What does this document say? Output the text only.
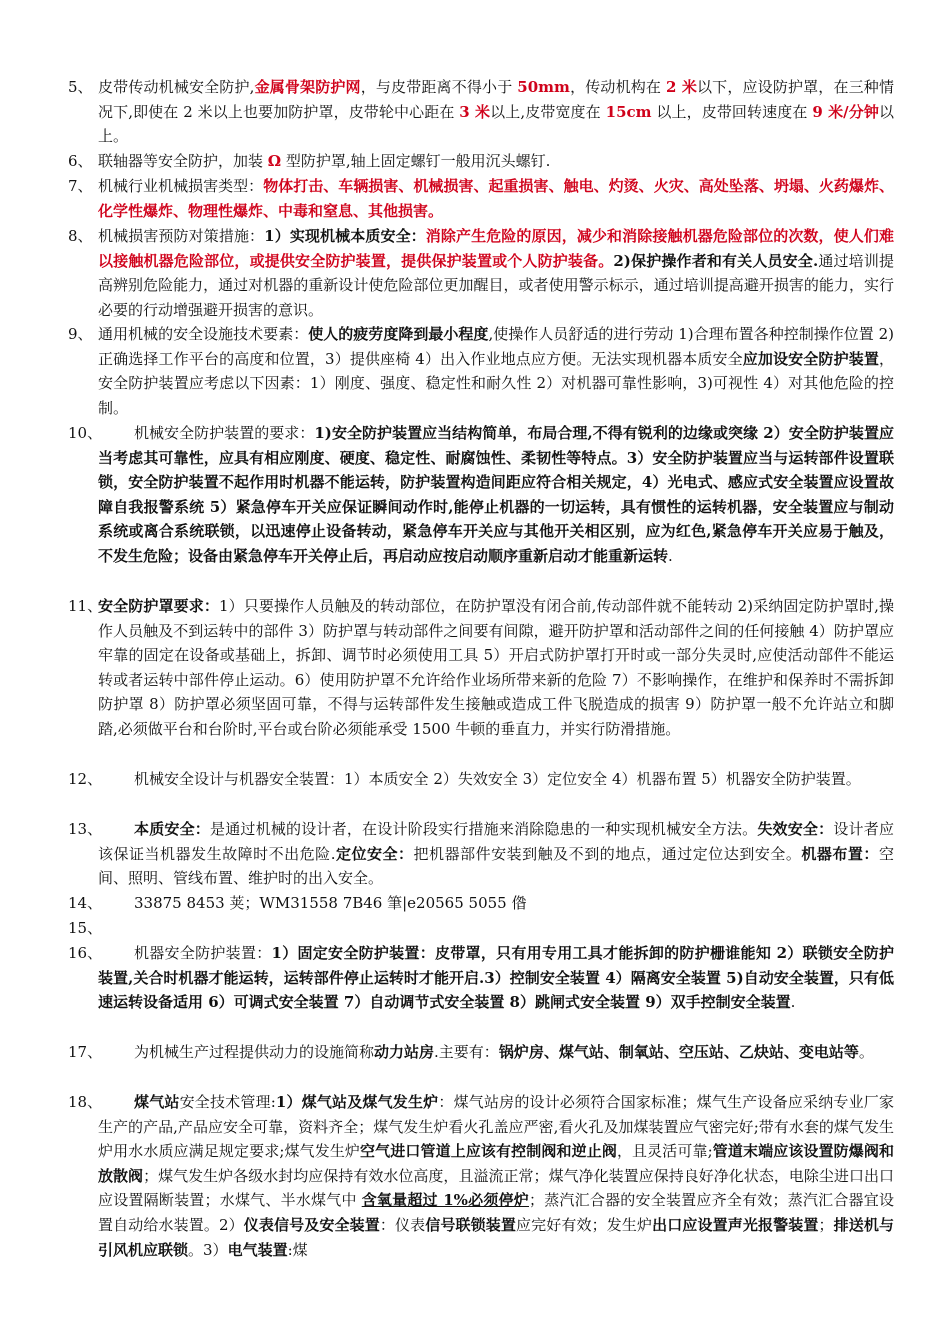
5、 皮带传动机械安全防护,金属骨架防护网，与皮带距离不得小于 50mm，传动机构在 2 米以下，应设防护罩，在三种情况下,即使在 2 米以上也要加防护罩，皮带轮中心距在 3 米以上,皮带宽度在 15cm 以上，皮带回转速度在 9 米/分钟以上。
6、 联轴器等安全防护，加装 Ω 型防护罩,轴上固定螺钉一般用沉头螺钉.
7、 机械行业机械损害类型：物体打击、车辆损害、机械损害、起重损害、触电、灼烫、火灾、高处坠落、坍塌、火药爆炸、化学性爆炸、物理性爆炸、中毒和窒息、其他损害。
8、 机械损害预防对策措施：1）实现机械本质安全：消除产生危险的原因，减少和消除接触机器危险部位的次数，使人们难以接触机器危险部位，或提供安全防护装置，提供保护装置或个人防护装备。2)保护操作者和有关人员安全.通过培训提高辨别危险能力，通过对机器的重新设计使危险部位更加醒目，或者使用警示标示，通过培训提高避开损害的能力，实行必要的行动增强避开损害的意识。
9、 通用机械的安全设施技术要素：使人的疲劳度降到最小程度,使操作人员舒适的进行劳动 1)合理布置各种控制操作位置 2)正确选择工作平台的高度和位置，3）提供座椅 4）出入作业地点应方便。无法实现机器本质安全应加设安全防护装置，安全防护装置应考虑以下因素：1）刚度、强度、稳定性和耐久性 2）对机器可靠性影响，3)可视性 4）对其他危险的控制。
10、	机械安全防护装置的要求：1)安全防护装置应当结构简单，布局合理,不得有锐利的边缘或突缘 2）安全防护装置应当考虑其可靠性，应具有相应刚度、硬度、稳定性、耐腐蚀性、柔韧性等特点。3）安全防护装置应当与运转部件设置联锁，安全防护装置不起作用时机器不能运转，防护装置构造间距应符合相关规定，4）光电式、感应式安全装置应设置故障自我报警系统 5）紧急停车开关应保证瞬间动作时,能停止机器的一切运转，具有惯性的运转机器，安全装置应与制动系统或离合系统联锁，以迅速停止设备转动，紧急停车开关应与其他开关相区别，应为红色,紧急停车开关应易于触及，不发生危险；设备由紧急停车开关停止后，再启动应按启动顺序重新启动才能重新运转.
11、
安全防护罩要求：1）只要操作人员触及的转动部位，在防护罩没有闭合前,传动部件就不能转动 2)采纳固定防护罩时,操作人员触及不到运转中的部件 3）防护罩与转动部件之间要有间隙，避开防护罩和活动部件之间的任何接触 4）防护罩应牢靠的固定在设备或基础上，拆卸、调节时必须使用工具 5）开启式防护罩打开时或一部分失灵时,应使活动部件不能运转或者运转中部件停止运动。6）使用防护罩不允许给作业场所带来新的危险 7）不影响操作，在维护和保养时不需拆卸防护罩 8）防护罩必须坚固可靠，不得与运转部件发生接触或造成工件飞脱造成的损害 9）防护罩一般不允许站立和脚踏,必须做平台和台阶时,平台或台阶必须能承受 1500 牛顿的垂直力，并实行防滑措施。
12、	机械安全设计与机器安全装置：1）本质安全 2）失效安全 3）定位安全 4）机器布置 5）机器安全防护装置。
13、	本质安全：是通过机械的设计者，在设计阶段实行措施来消除隐患的一种实现机械安全方法。失效安全：设计者应该保证当机器发生故障时不出危险.定位安全：把机器部件安装到触及不到的地点，通过定位达到安全。机器布置：空间、照明、管线布置、维护时的出入安全。
14、	33875 8453 荚；WM31558 7B46 筆|e20565 5055 偺
15、
16、	机器安全防护装置：1）固定安全防护装置：皮带罩，只有用专用工具才能拆卸的防护栅谁能知 2）联锁安全防护装置,关合时机器才能运转，运转部件停止运转时才能开启.3）控制安全装置 4）隔离安全装置 5)自动安全装置，只有低速运转设备适用 6）可调式安全装置 7）自动调节式安全装置 8）跳闸式安全装置 9）双手控制安全装置.
17、	为机械生产过程提供动力的设施简称动力站房.主要有：锅炉房、煤气站、制氧站、空压站、乙炔站、变电站等。
18、	煤气站安全技术管理:1）煤气站及煤气发生炉：煤气站房的设计必须符合国家标准；煤气生产设备应采纳专业厂家生产的产品,产品应安全可靠，资料齐全；煤气发生炉看火孔盖应严密,看火孔及加煤装置应气密完好;带有水套的煤气发生炉用水水质应满足规定要求;煤气发生炉空气进口管道上应该有控制阀和逆止阀，且灵活可靠;管道末端应该设置防爆阀和放散阀；煤气发生炉各级水封均应保持有效水位高度，且溢流正常；煤气净化装置应保持良好净化状态，电除尘进口出口应设置隔断装置；水煤气、半水煤气中 含氧量超过 1%必须停炉；蒸汽汇合器的安全装置应齐全有效；蒸汽汇合器宜设置自动给水装置。2）仪表信号及安全装置：仪表信号联锁装置应完好有效；发生炉出口应设置声光报警装置；排送机与引风机应联锁。3）电气装置:煤
